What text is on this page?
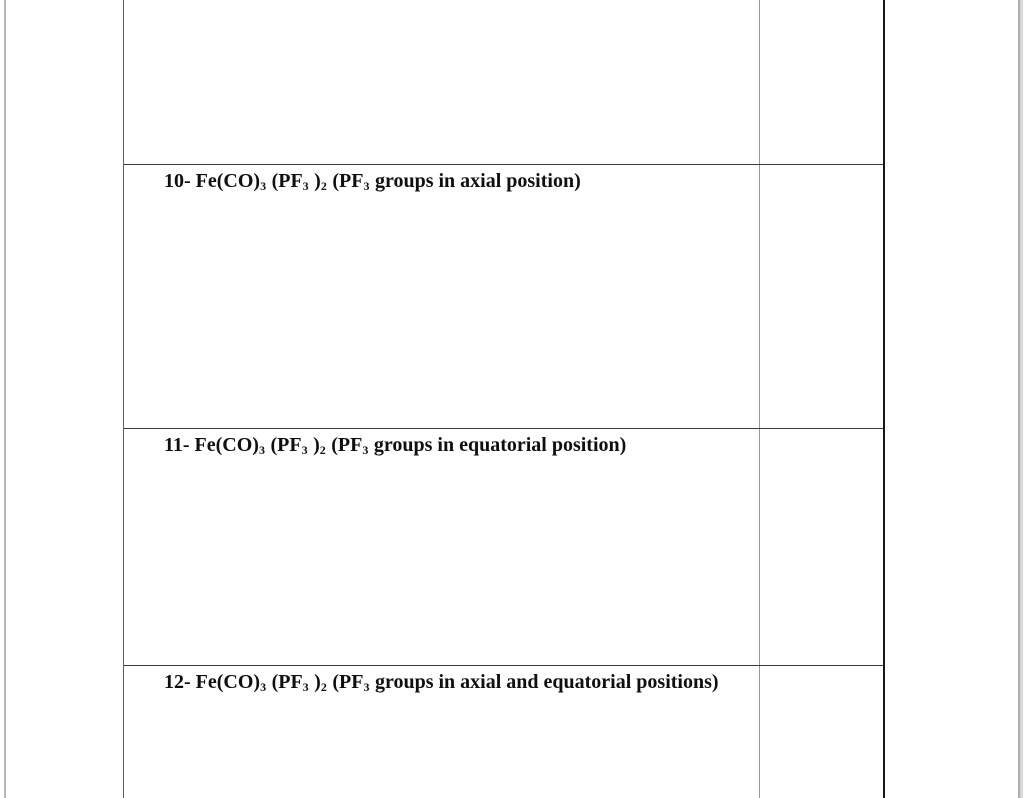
10- Fe(CO)3 (PF3 )2 (PF3 groups in axial position)

11- Fe(CO)3 (PF3 )2 (PF3 groups in equatorial position)

12- Fe(CO)3 (PF3 )2 (PF3 groups in axial and equatorial positions)
